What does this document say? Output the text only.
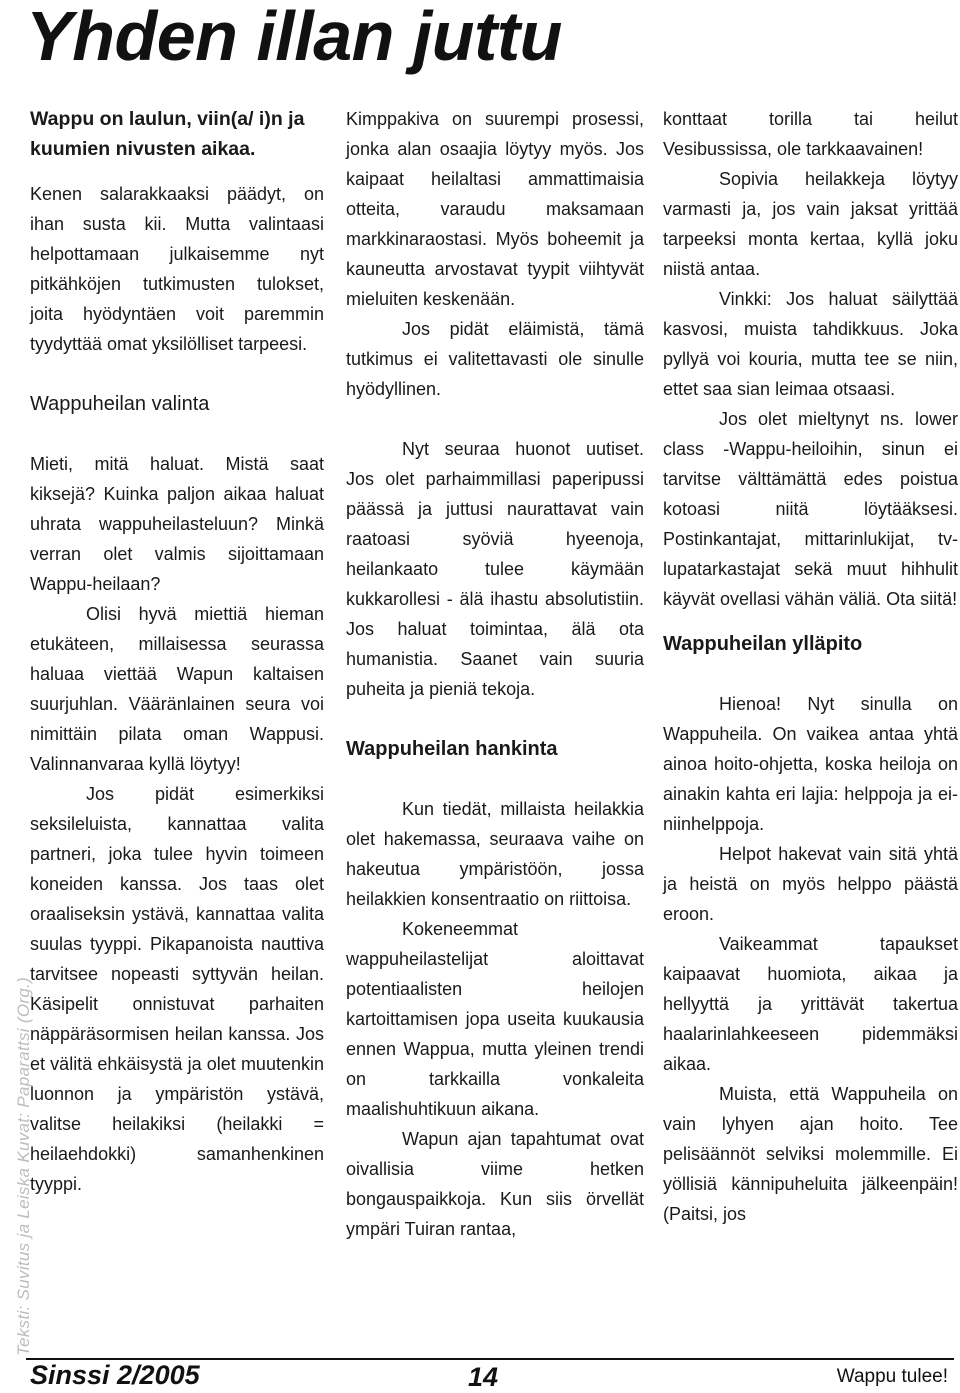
Yhden illan juttu
Teksti: Suvitus ja Leiska Kuvat: Paparattsi (Org.)

Wappu on laulun, viin(a/ i)n ja kuumien nivusten aikaa.

Kenen salarakkaaksi päädyt, on ihan susta kii. Mutta valintaasi helpottamaan julkaisemme nyt pitkähköjen tutkimusten tulokset, joita hyödyntäen voit paremmin tyydyttää omat yksilölliset tarpeesi.

Wappuheilan valinta

Mieti, mitä haluat. Mistä saat kiksejä? Kuinka paljon aikaa haluat uhrata wappuheilasteluun? Minkä verran olet valmis sijoittamaan Wappu-heilaan?

Olisi hyvä miettiä hieman etukäteen, millaisessa seurassa haluaa viettää Wapun kaltaisen suurjuhlan. Vääränlainen seura voi nimittäin pilata oman Wappusi. Valinnanvaraa kyllä löytyy!

Jos pidät esimerkiksi seksileluista, kannattaa valita partneri, joka tulee hyvin toimeen koneiden kanssa. Jos taas olet oraaliseksin ystävä, kannattaa valita suulas tyyppi. Pikapanoista nauttiva tarvitsee nopeasti syttyvän heilan. Käsipelit onnistuvat parhaiten näppäräsormisen heilan kanssa. Jos et välitä ehkäisystä ja olet muutenkin luonnon ja ympäristön ystävä, valitse heilakiksi (heilakki = heilaehdokki) samanhenkinen tyyppi.

Kimppakiva on suurempi prosessi, jonka alan osaajia löytyy myös. Jos kaipaat heilaltasi ammattimaisia otteita, varaudu maksamaan markkinaraostasi. Myös boheemit ja kauneutta arvostavat tyypit viihtyvät mieluiten keskenään.

Jos pidät eläimistä, tämä tutkimus ei valitettavasti ole sinulle hyödyllinen.

Nyt seuraa huonot uutiset. Jos olet parhaimmillasi paperipussi päässä ja juttusi naurattavat vain raatoasi syöviä hyeenoja, heilankaato tulee käymään kukkarollesi - älä ihastu absolutistiin. Jos haluat toimintaa, älä ota humanistia. Saanet vain suuria puheita ja pieniä tekoja.

Wappuheilan hankinta

Kun tiedät, millaista heilakkia olet hakemassa, seuraava vaihe on hakeutua ympäristöön, jossa heilakkien konsentraatio on riittoisa.

Kokeneemmat wappuheilastelijat aloittavat potentiaalisten heilojen kartoittamisen jopa useita kuukausia ennen Wappua, mutta yleinen trendi on tarkkailla vonkaleita maalishuhtikuun aikana.

Wapun ajan tapahtumat ovat oivallisia viime hetken bongauspaikkoja. Kun siis örvellät ympäri Tuiran rantaa,

konttaat torilla tai heilut Vesibussissa, ole tarkkaavainen!

Sopivia heilakkeja löytyy varmasti ja, jos vain jaksat yrittää tarpeeksi monta kertaa, kyllä joku niistä antaa.

Vinkki: Jos haluat säilyttää kasvosi, muista tahdikkuus. Joka pyllyä voi kouria, mutta tee se niin, ettet saa sian leimaa otsaasi.

Jos olet mieltynyt ns. lower class -Wappu-heiloihin, sinun ei tarvitse välttämättä edes poistua kotoasi niitä löytääksesi. Postinkantajat, mittarinlukijat, tv-lupatarkastajat sekä muut hihhulit käyvät ovellasi vähän väliä. Ota siitä!

Wappuheilan ylläpito

Hienoa! Nyt sinulla on Wappuheila. On vaikea antaa yhtä ainoa hoito-ohjetta, koska heiloja on ainakin kahta eri lajia: helppoja ja ei-niinhelppoja.

Helpot hakevat vain sitä yhtä ja heistä on myös helppo päästä eroon.

Vaikeammat tapaukset kaipaavat huomiota, aikaa ja hellyyttä ja yrittävät takertua haalarinlahkeeseen pidemmäksi aikaa.

Muista, että Wappuheila on vain lyhyen ajan hoito. Tee pelisäännöt selviksi molemmille. Ei yöllisiä kännipuheluita jälkeenpäin! (Paitsi, jos

Sinssi 2/2005	14	Wappu tulee!
